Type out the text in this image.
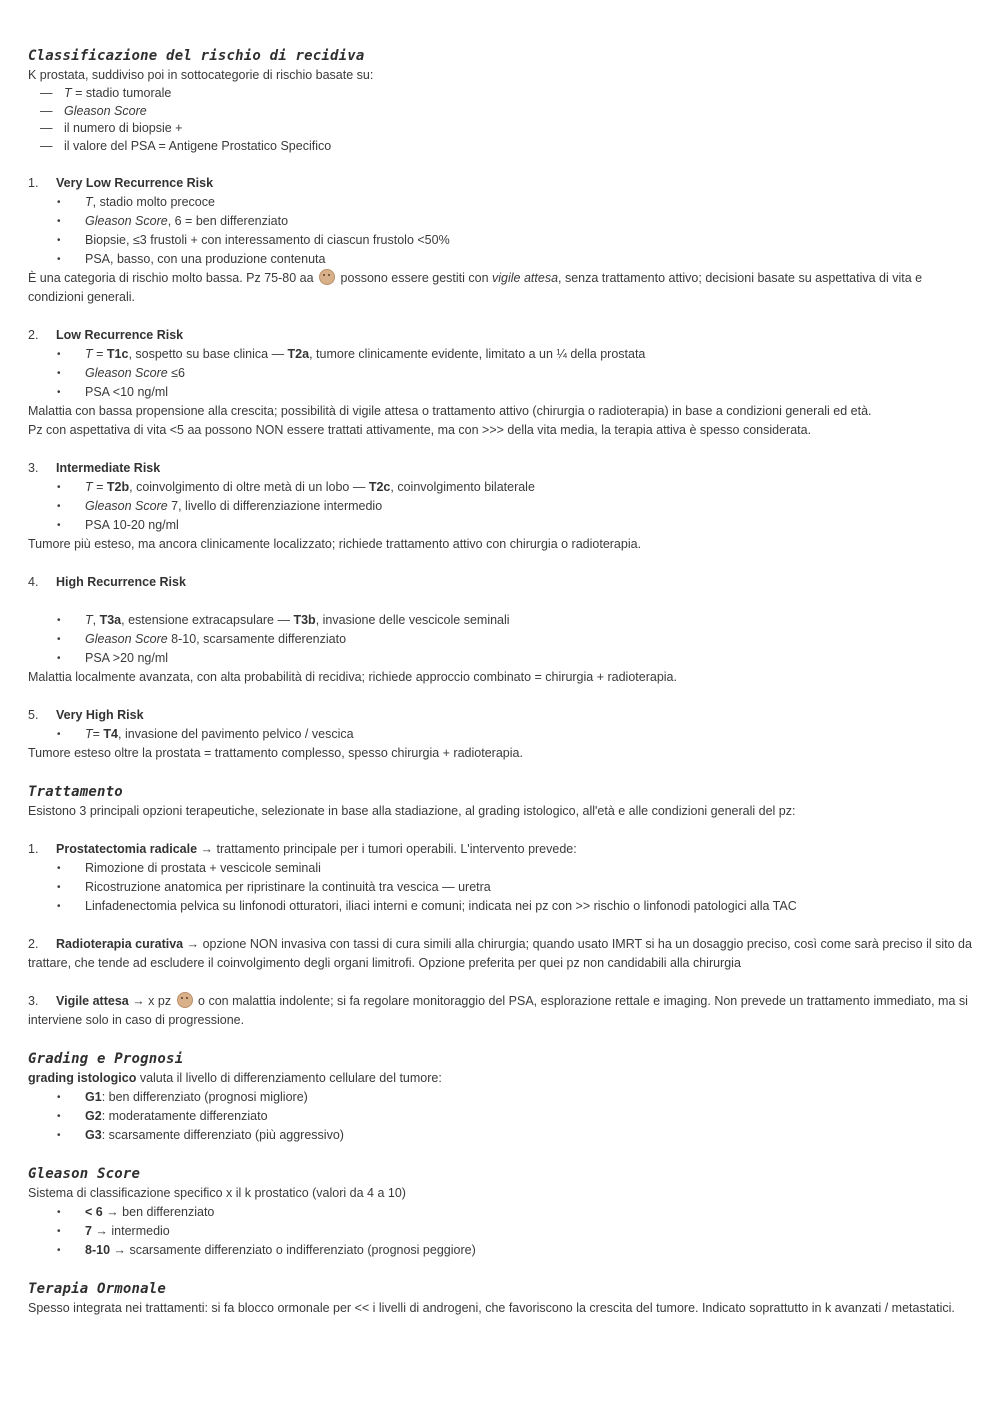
Classificazione del rischio di recidiva
K prostata, suddiviso poi in sottocategorie di rischio basate su:
— T = stadio tumorale
— Gleason Score
— il numero di biopsie +
— il valore del PSA = Antigene Prostatico Specifico
1. Very Low Recurrence Risk
• T, stadio molto precoce
• Gleason Score, 6 = ben differenziato
• Biopsie, ≤3 frustoli + con interessamento di ciascun frustolo <50%
• PSA, basso, con una produzione contenuta
È una categoria di rischio molto bassa. Pz 75-80 aa  possono essere gestiti con vigile attesa, senza trattamento attivo; decisioni basate su aspettativa di vita e condizioni generali.
2. Low Recurrence Risk
• T = T1c, sospetto su base clinica — T2a, tumore clinicamente evidente, limitato a un ¼ della prostata
• Gleason Score ≤6
• PSA <10 ng/ml
Malattia con bassa propensione alla crescita; possibilità di vigile attesa o trattamento attivo (chirurgia o radioterapia) in base a condizioni generali ed età.
Pz con aspettativa di vita <5 aa possono NON essere trattati attivamente, ma con >>> della vita media, la terapia attiva è spesso considerata.
3. Intermediate Risk
• T = T2b, coinvolgimento di oltre metà di un lobo — T2c, coinvolgimento bilaterale
• Gleason Score 7, livello di differenziazione intermedio
• PSA 10-20 ng/ml
Tumore più esteso, ma ancora clinicamente localizzato; richiede trattamento attivo con chirurgia o radioterapia.
4. High Recurrence Risk
• T, T3a, estensione extracapsulare — T3b, invasione delle vescicole seminali
• Gleason Score 8-10, scarsamente differenziato
• PSA >20 ng/ml
Malattia localmente avanzata, con alta probabilità di recidiva; richiede approccio combinato = chirurgia + radioterapia.
5. Very High Risk
• T= T4, invasione del pavimento pelvico / vescica
Tumore esteso oltre la prostata = trattamento complesso, spesso chirurgia + radioterapia.
Trattamento
Esistono 3 principali opzioni terapeutiche, selezionate in base alla stadiazione, al grading istologico, all'età e alle condizioni generali del pz:
1. Prostatectomia radicale → trattamento principale per i tumori operabili. L'intervento prevede:
• Rimozione di prostata + vescicole seminali
• Ricostruzione anatomica per ripristinare la continuità tra vescica — uretra
• Linfadenectomia pelvica su linfonodi otturatori, iliaci interni e comuni; indicata nei pz con >> rischio o linfonodi patologici alla TAC
2. Radioterapia curativa → opzione NON invasiva con tassi di cura simili alla chirurgia; quando usato IMRT si ha un dosaggio preciso, così come sarà preciso il sito da trattare, che tende ad escludere il coinvolgimento degli organi limitrofi. Opzione preferita per quei pz non candidabili alla chirurgia
3. Vigile attesa → x pz  o con malattia indolente; si fa regolare monitoraggio del PSA, esplorazione rettale e imaging. Non prevede un trattamento immediato, ma si interviene solo in caso di progressione.
Grading e Prognosi
grading istologico valuta il livello di differenziamento cellulare del tumore:
• G1: ben differenziato (prognosi migliore)
• G2: moderatamente differenziato
• G3: scarsamente differenziato (più aggressivo)
Gleason Score
Sistema di classificazione specifico x il k prostatico (valori da 4 a 10)
• < 6 → ben differenziato
• 7 → intermedio
• 8-10 → scarsamente differenziato o indifferenziato (prognosi peggiore)
Terapia Ormonale
Spesso integrata nei trattamenti: si fa blocco ormonale per << i livelli di androgeni, che favoriscono la crescita del tumore. Indicato soprattutto in k avanzati / metastatici.
